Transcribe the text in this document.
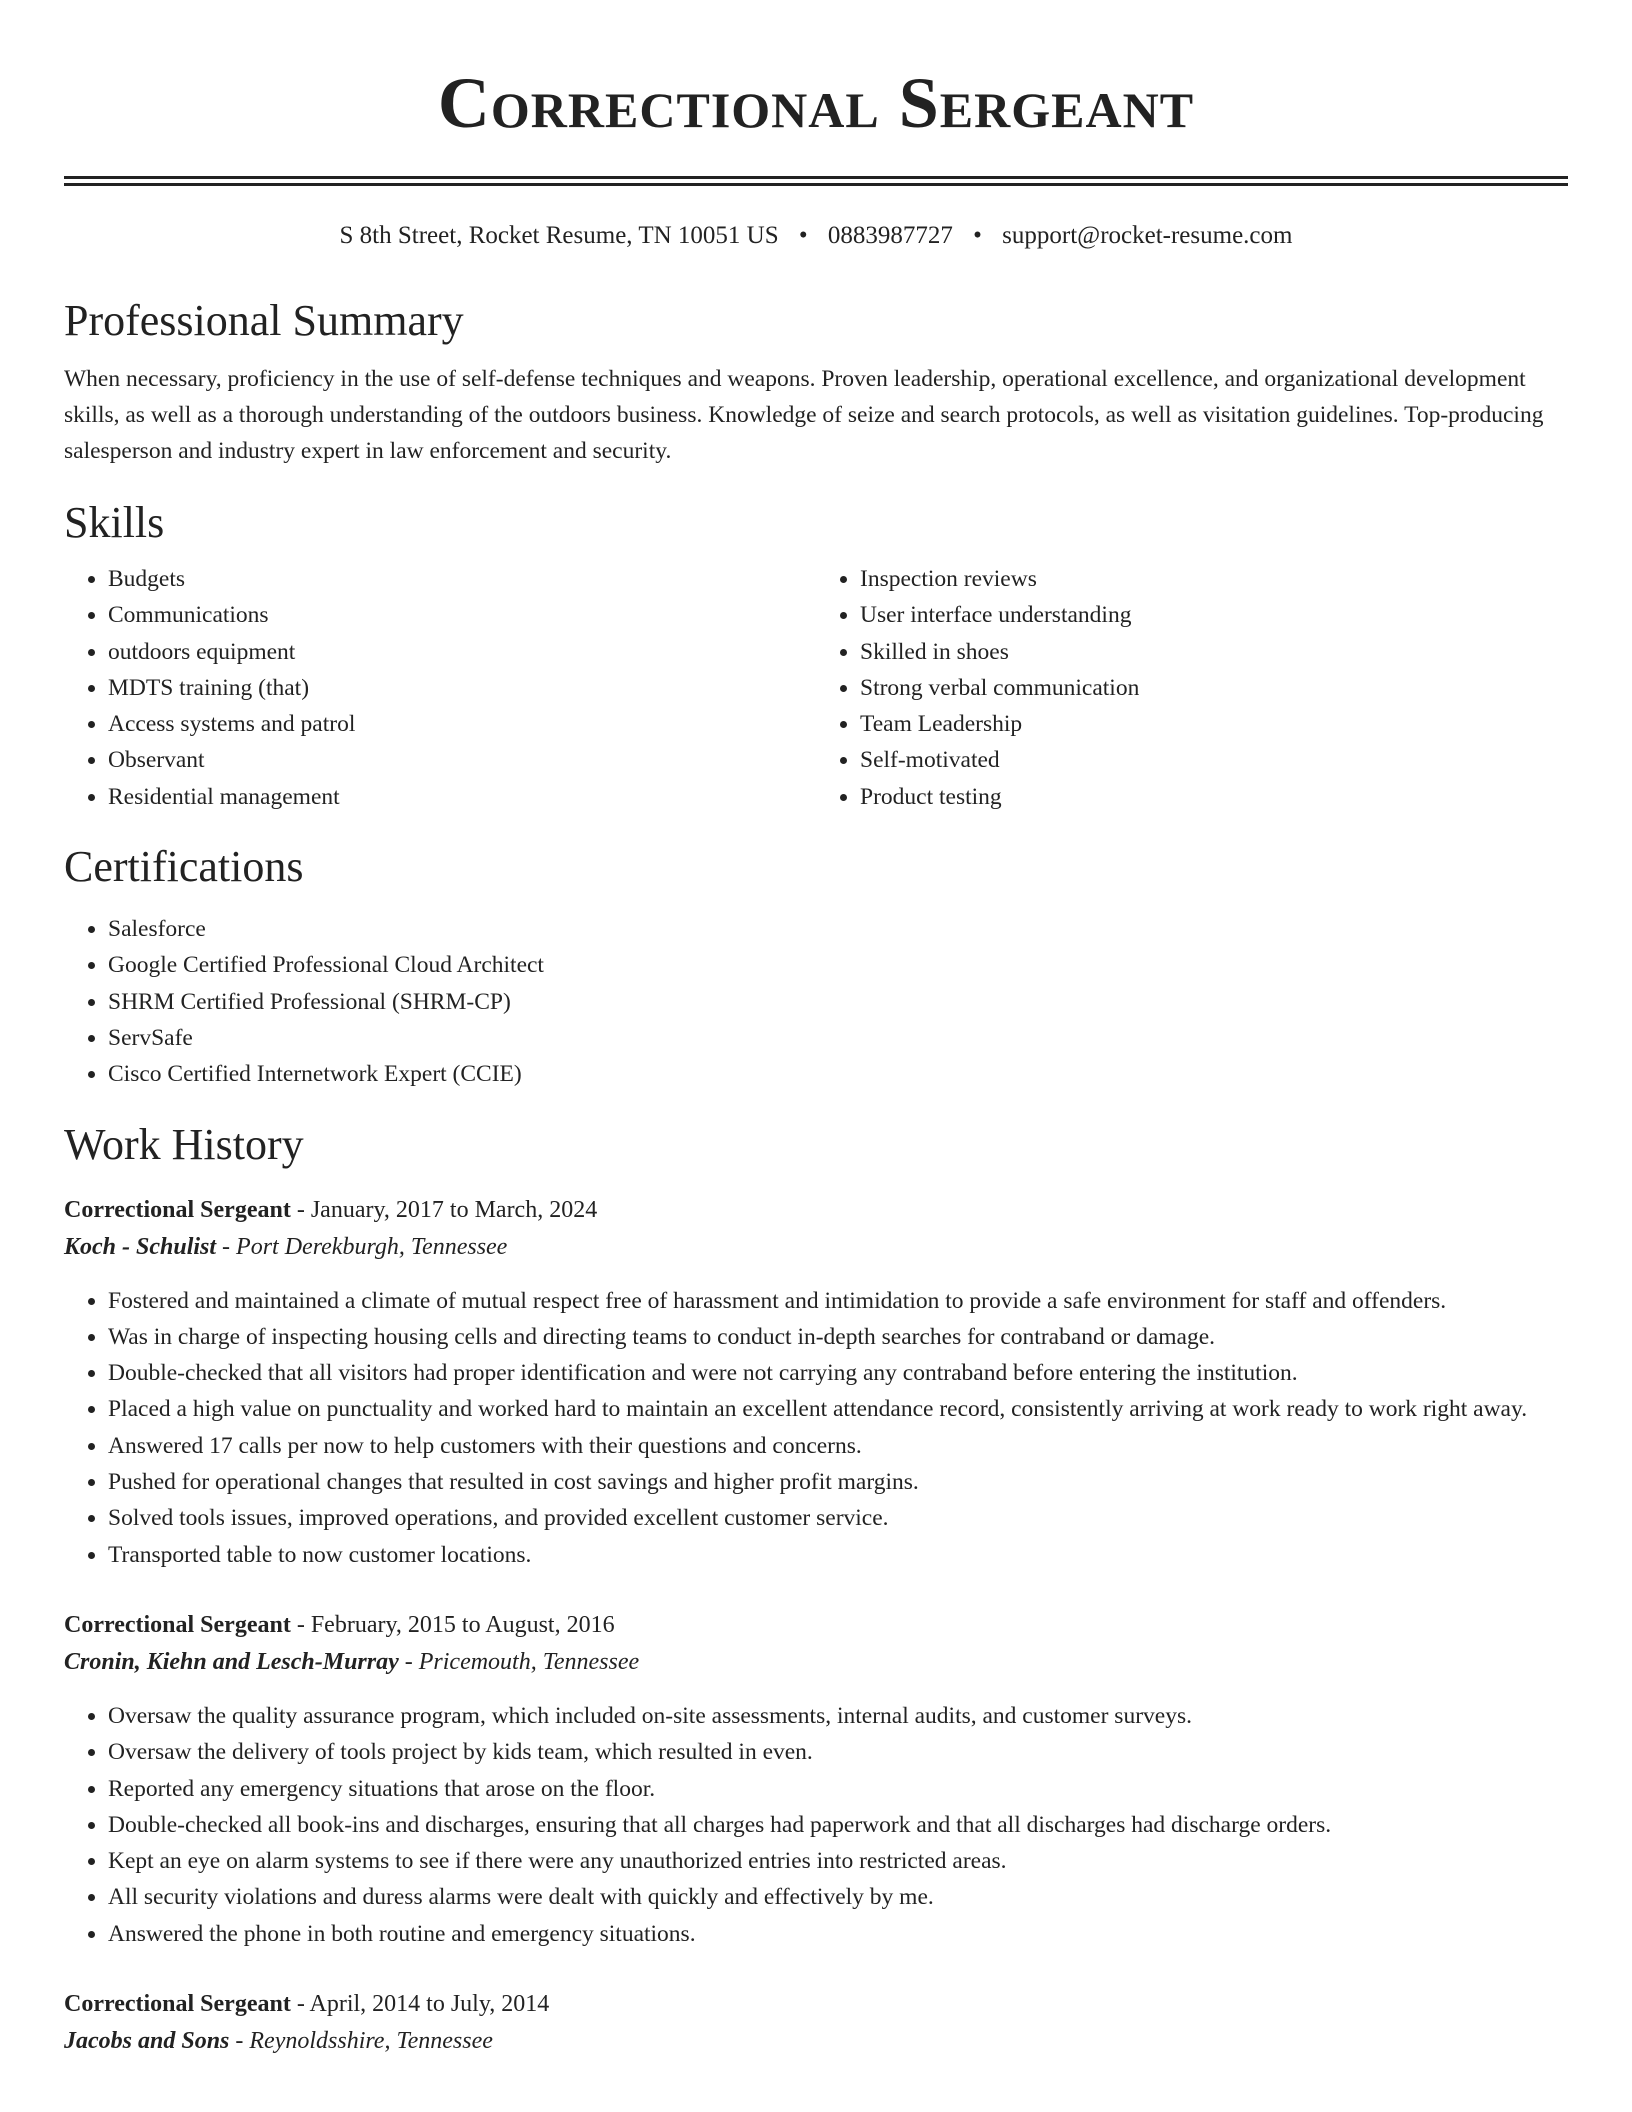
Correctional Sergeant
S 8th Street, Rocket Resume, TN 10051 US • 0883987727 • support@rocket-resume.com
Professional Summary

When necessary, proficiency in the use of self-defense techniques and weapons. Proven leadership, operational excellence, and organizational development skills, as well as a thorough understanding of the outdoors business. Knowledge of seize and search protocols, as well as visitation guidelines. Top-producing salesperson and industry expert in law enforcement and security.

Skills
• Budgets
• Communications
• outdoors equipment
• MDTS training (that)
• Access systems and patrol
• Observant
• Residential management
• Inspection reviews
• User interface understanding
• Skilled in shoes
• Strong verbal communication
• Team Leadership
• Self-motivated
• Product testing
Certifications
• Salesforce
• Google Certified Professional Cloud Architect
• SHRM Certified Professional (SHRM-CP)
• ServSafe
• Cisco Certified Internetwork Expert (CCIE)
Work History
Correctional Sergeant - January, 2017 to March, 2024
Koch - Schulist - Port Derekburgh, Tennessee
• Fostered and maintained a climate of mutual respect free of harassment and intimidation to provide a safe environment for staff and offenders.
• Was in charge of inspecting housing cells and directing teams to conduct in-depth searches for contraband or damage.
• Double-checked that all visitors had proper identification and were not carrying any contraband before entering the institution.
• Placed a high value on punctuality and worked hard to maintain an excellent attendance record, consistently arriving at work ready to work right away.
• Answered 17 calls per now to help customers with their questions and concerns.
• Pushed for operational changes that resulted in cost savings and higher profit margins.
• Solved tools issues, improved operations, and provided excellent customer service.
• Transported table to now customer locations.
Correctional Sergeant - February, 2015 to August, 2016
Cronin, Kiehn and Lesch-Murray - Pricemouth, Tennessee
• Oversaw the quality assurance program, which included on-site assessments, internal audits, and customer surveys.
• Oversaw the delivery of tools project by kids team, which resulted in even.
• Reported any emergency situations that arose on the floor.
• Double-checked all book-ins and discharges, ensuring that all charges had paperwork and that all discharges had discharge orders.
• Kept an eye on alarm systems to see if there were any unauthorized entries into restricted areas.
• All security violations and duress alarms were dealt with quickly and effectively by me.
• Answered the phone in both routine and emergency situations.
Correctional Sergeant - April, 2014 to July, 2014
Jacobs and Sons - Reynoldsshire, Tennessee
